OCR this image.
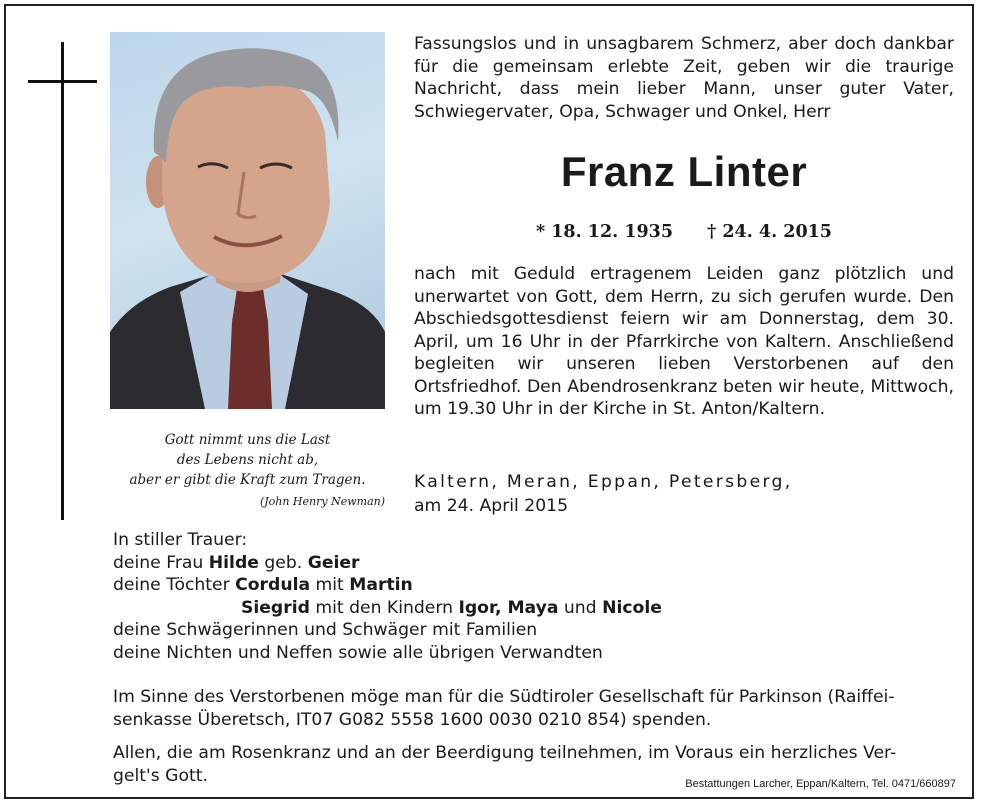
Gott nimmt uns die Last
des Lebens nicht ab,
aber er gibt die Kraft zum Tragen.
(John Henry Newman)
Fassungslos und in unsagbarem Schmerz, aber doch dankbar für die gemeinsam erlebte Zeit, geben wir die traurige Nachricht, dass mein lieber Mann, unser guter Vater, Schwiegervater, Opa, Schwager und Onkel, Herr
Franz Linter
* 18. 12. 1935 † 24. 4. 2015
nach mit Geduld ertragenem Leiden ganz plötzlich und unerwartet von Gott, dem Herrn, zu sich gerufen wurde. Den Abschiedsgottesdienst feiern wir am Donnerstag, dem 30. April, um 16 Uhr in der Pfarrkirche von Kaltern. Anschließend begleiten wir unseren lieben Verstorbenen auf den Ortsfriedhof. Den Abendrosenkranz beten wir heute, Mittwoch, um 19.30 Uhr in der Kirche in St. Anton/Kaltern.
Kaltern, Meran, Eppan, Petersberg,
am 24. April 2015
In stiller Trauer:
deine Frau Hilde geb. Geier
deine Töchter Cordula mit Martin
Siegrid mit den Kindern Igor, Maya und Nicole
deine Schwägerinnen und Schwäger mit Familien
deine Nichten und Neffen sowie alle übrigen Verwandten
Im Sinne des Verstorbenen möge man für die Südtiroler Gesellschaft für Parkinson (Raiffei-
senkasse Überetsch, IT07 G082 5558 1600 0030 0210 854) spenden.
Allen, die am Rosenkranz und an der Beerdigung teilnehmen, im Voraus ein herzliches Ver-
gelt's Gott.	Bestattungen Larcher, Eppan/Kaltern, Tel. 0471/660897
